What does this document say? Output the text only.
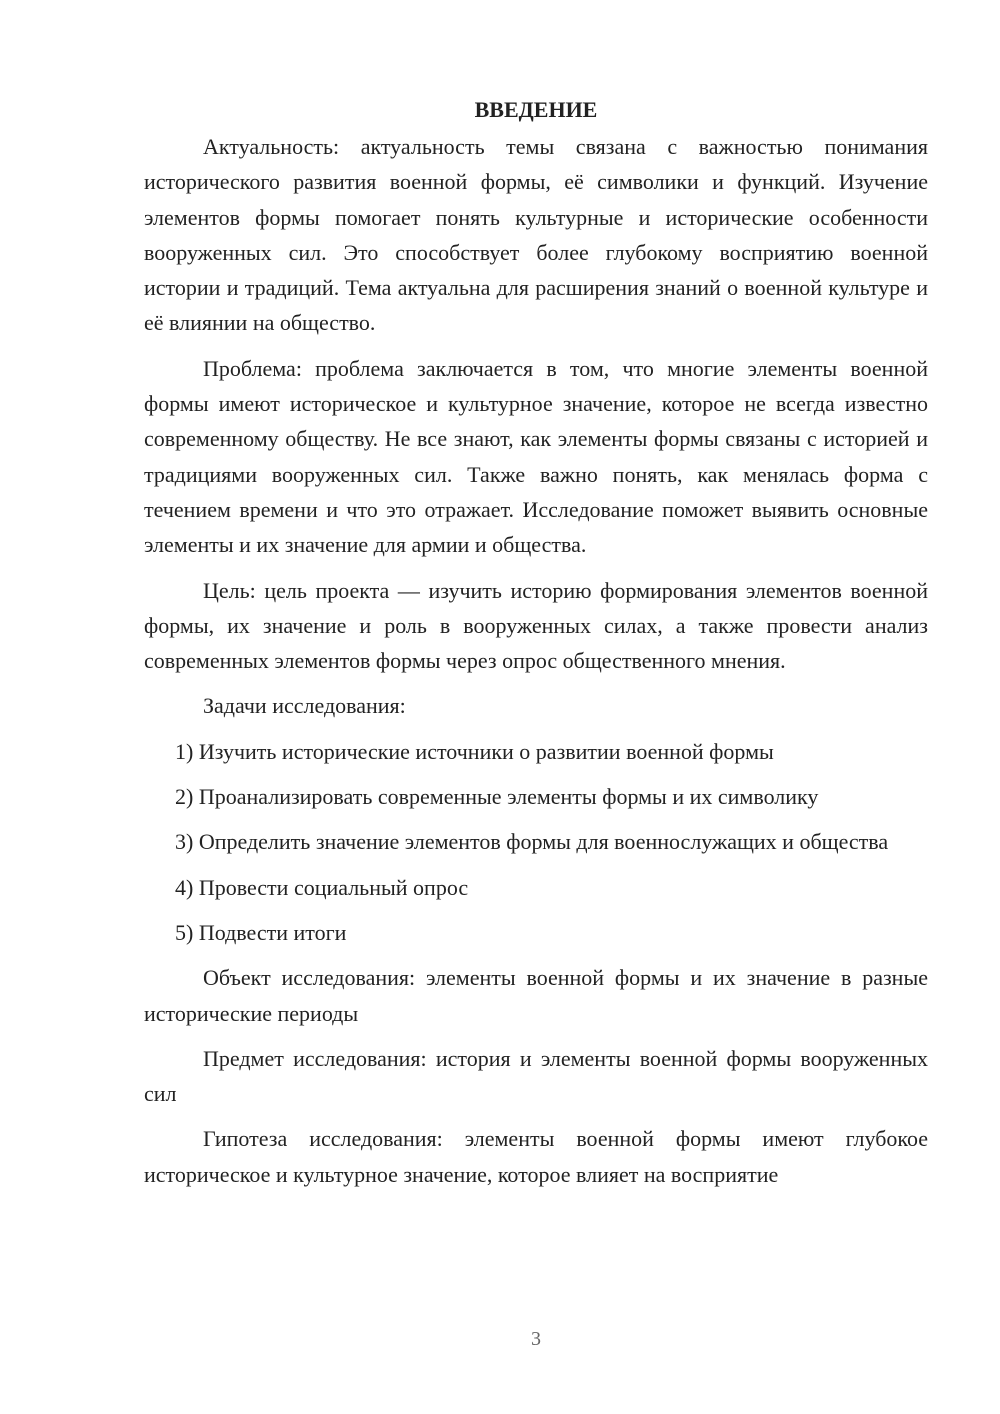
ВВЕДЕНИЕ

Актуальность: актуальность темы связана с важностью понимания исторического развития военной формы, её символики и функций. Изучение элементов формы помогает понять культурные и исторические особенности вооруженных сил. Это способствует более глубокому восприятию военной истории и традиций. Тема актуальна для расширения знаний о военной культуре и её влиянии на общество.

Проблема: проблема заключается в том, что многие элементы военной формы имеют историческое и культурное значение, которое не всегда известно современному обществу. Не все знают, как элементы формы связаны с историей и традициями вооруженных сил. Также важно понять, как менялась форма с течением времени и что это отражает. Исследование поможет выявить основные элементы и их значение для армии и общества.

Цель: цель проекта — изучить историю формирования элементов военной формы, их значение и роль в вооруженных силах, а также провести анализ современных элементов формы через опрос общественного мнения.

Задачи исследования:

1) Изучить исторические источники о развитии военной формы

2) Проанализировать современные элементы формы и их символику

3) Определить значение элементов формы для военнослужащих и общества

4) Провести социальный опрос

5) Подвести итоги

Объект исследования: элементы военной формы и их значение в разные исторические периоды

Предмет исследования: история и элементы военной формы вооруженных сил

Гипотеза исследования: элементы военной формы имеют глубокое историческое и культурное значение, которое влияет на восприятие

3
